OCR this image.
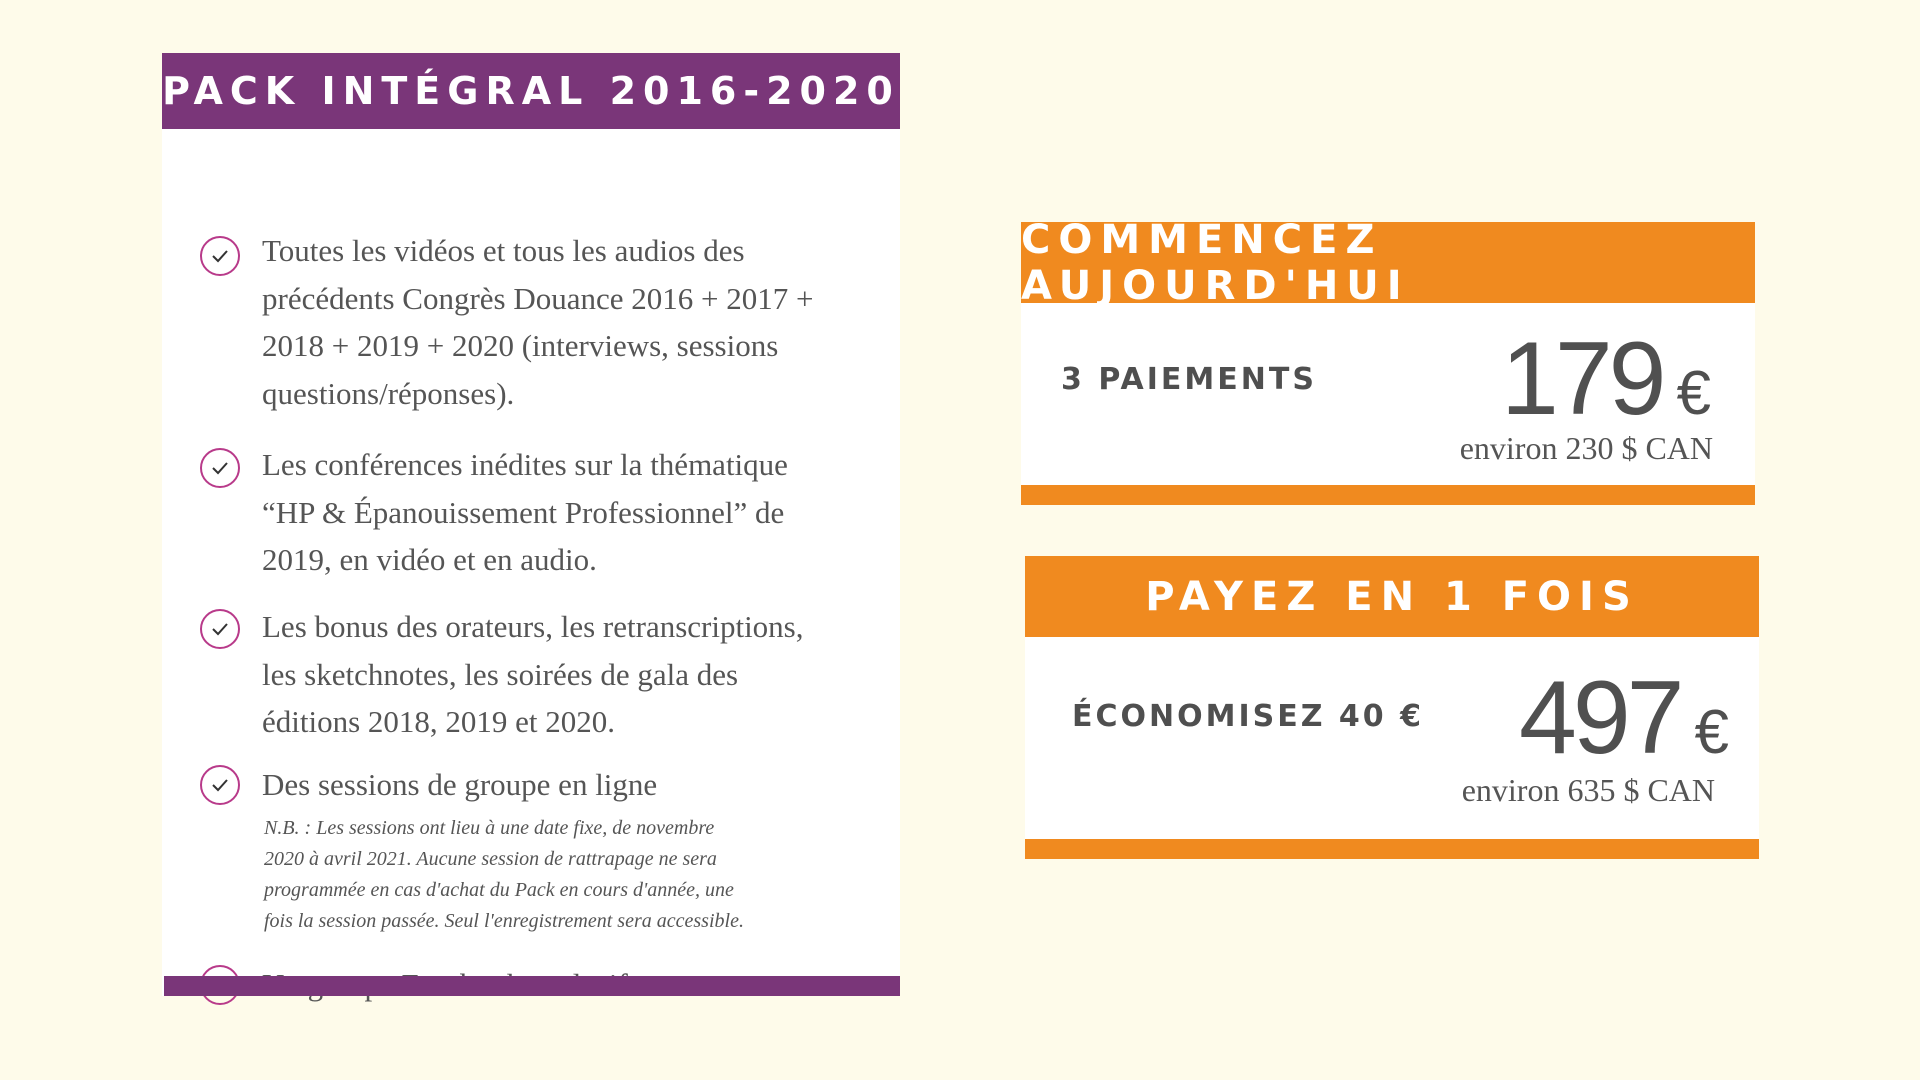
PACK INTÉGRAL 2016-2020
Toutes les vidéos et tous les audios des
précédents Congrès Douance 2016 + 2017 +
2018 + 2019 + 2020 (interviews, sessions
questions/réponses).
Les conférences inédites sur la thématique
“HP & Épanouissement Professionnel” de
2019, en vidéo et en audio.
Les bonus des orateurs, les retranscriptions,
les sketchnotes, les soirées de gala des
éditions 2018, 2019 et 2020.
Des sessions de groupe en ligne
N.B. : Les sessions ont lieu à une date fixe, de novembre
2020 à avril 2021. Aucune session de rattrapage ne sera
programmée en cas d'achat du Pack en cours d'année, une
fois la session passée. Seul l'enregistrement sera accessible.
COMMENCEZ AUJOURD'HUI
3 PAIEMENTS 179 €
environ 230 $ CAN
PAYEZ EN 1 FOIS
ÉCONOMISEZ 40 € 497 €
environ 635 $ CAN
